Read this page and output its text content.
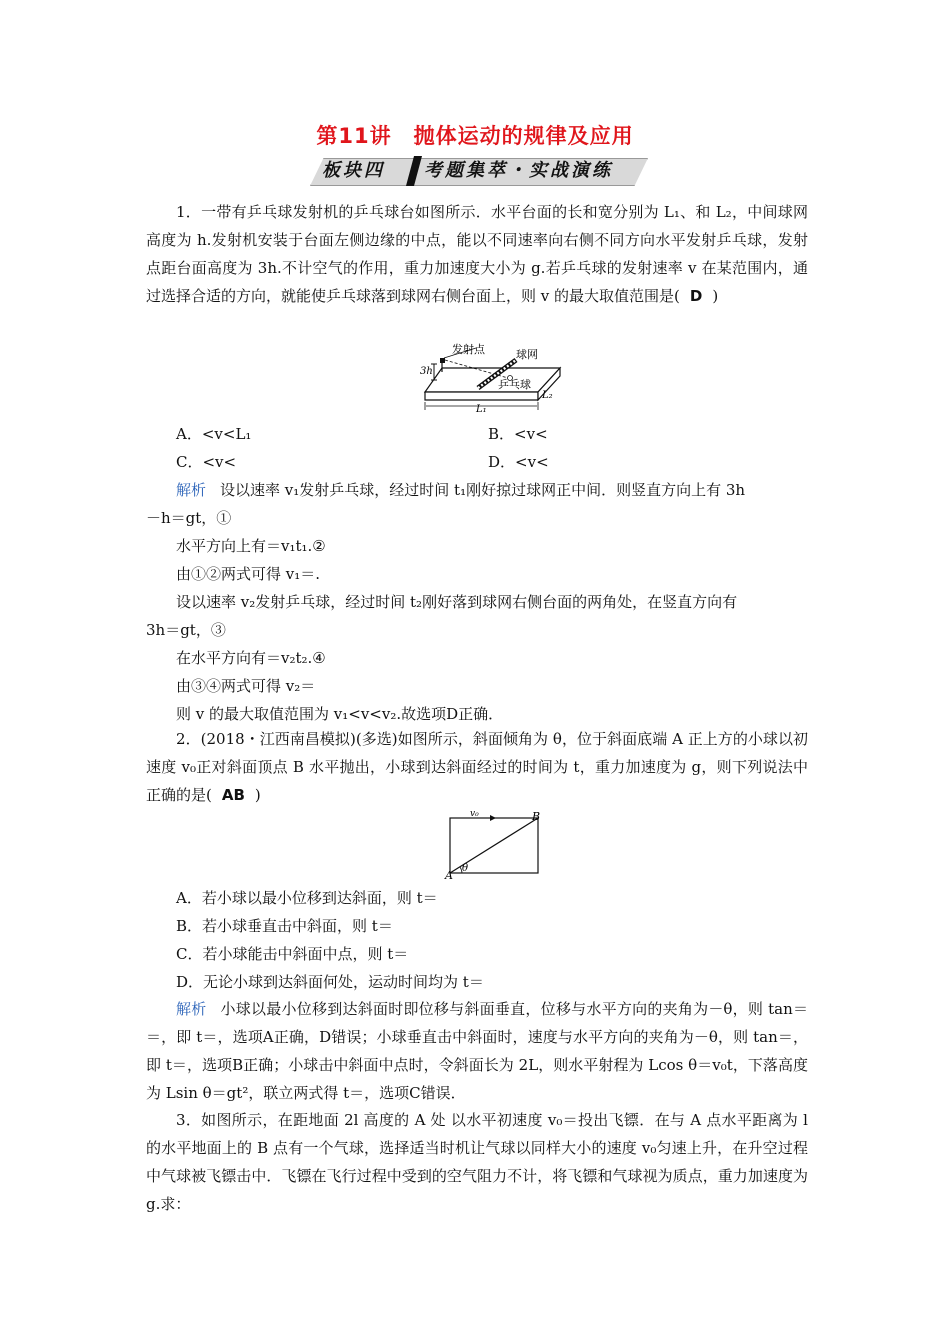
第11讲　抛体运动的规律及应用
板块四 考题集萃・实战演练
1．一带有乒乓球发射机的乒乓球台如图所示．水平台面的长和宽分别为 L₁、和 L₂，中间球网高度为 h.发射机安装于台面左侧边缘的中点，能以不同速率向右侧不同方向水平发射乒乓球，发射点距台面高度为 3h.不计空气的作用，重力加速度大小为 g.若乒乓球的发射速率 v 在某范围内，通过选择合适的方向，就能使乒乓球落到球网右侧台面上，则 v 的最大取值范围是( D )
发射点	球网
乒乓球
3h
L₁
L₂
A．<v<L₁	B．<v<
C．<v<	D．<v<
解析 设以速率 v₁发射乒乓球，经过时间 t₁刚好掠过球网正中间．则竖直方向上有 3h
－h＝gt，①
水平方向上有＝v₁t₁.②
由①②两式可得 v₁＝.
设以速率 v₂发射乒乓球，经过时间 t₂刚好落到球网右侧台面的两角处，在竖直方向有
3h＝gt，③
在水平方向有＝v₂t₂.④
由③④两式可得 v₂＝
则 v 的最大取值范围为 v₁<v<v₂.故选项D正确．
2．(2018・江西南昌模拟)(多选)如图所示，斜面倾角为 θ，位于斜面底端 A 正上方的小球以初速度 v₀正对斜面顶点 B 水平抛出，小球到达斜面经过的时间为 t，重力加速度为 g，则下列说法中正确的是( AB )
v₀	B
A
θ
A．若小球以最小位移到达斜面，则 t＝
B．若小球垂直击中斜面，则 t＝
C．若小球能击中斜面中点，则 t＝
D．无论小球到达斜面何处，运动时间均为 t＝
解析 小球以最小位移到达斜面时即位移与斜面垂直，位移与水平方向的夹角为－θ，则 tan＝＝，即 t＝，选项A正确，D错误；小球垂直击中斜面时，速度与水平方向的夹角为－θ，则 tan＝，即 t＝，选项B正确；小球击中斜面中点时，令斜面长为 2L，则水平射程为 Lcos θ＝v₀t，下落高度为 Lsin θ＝gt²，联立两式得 t＝，选项C错误．
3．如图所示，在距地面 2l 高度的 A 处 以水平初速度 v₀＝投出飞镖．在与 A 点水平距离为 l 的水平地面上的 B 点有一个气球，选择适当时机让气球以同样大小的速度 v₀匀速上升，在升空过程中气球被飞镖击中．飞镖在飞行过程中受到的空气阻力不计，将飞镖和气球视为质点，重力加速度为 g.求：
